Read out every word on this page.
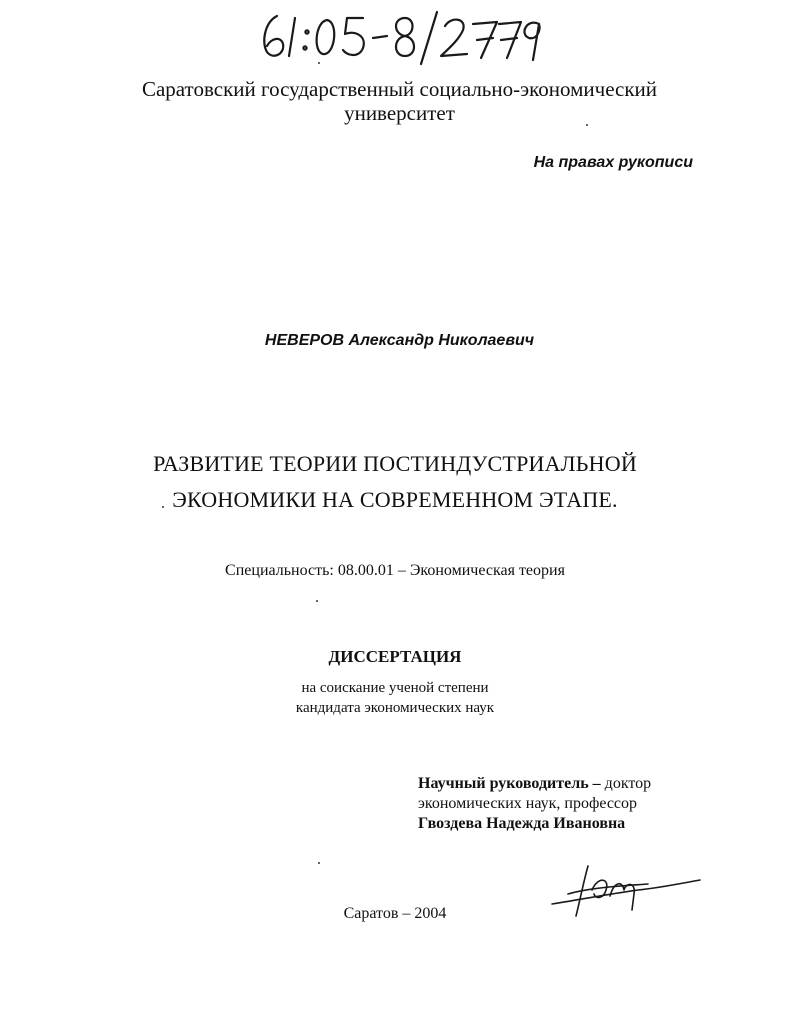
Саратовский государственный социально-экономический
университет
На правах рукописи
НЕВЕРОВ Александр Николаевич
РАЗВИТИЕ ТЕОРИИ ПОСТИНДУСТРИАЛЬНОЙ
ЭКОНОМИКИ НА СОВРЕМЕННОМ ЭТАПЕ.
Специальность: 08.00.01 – Экономическая теория
ДИССЕРТАЦИЯ
на соискание ученой степени
кандидата экономических наук
Научный руководитель – доктор
экономических наук, профессор
Гвоздева Надежда Ивановна
Саратов – 2004
